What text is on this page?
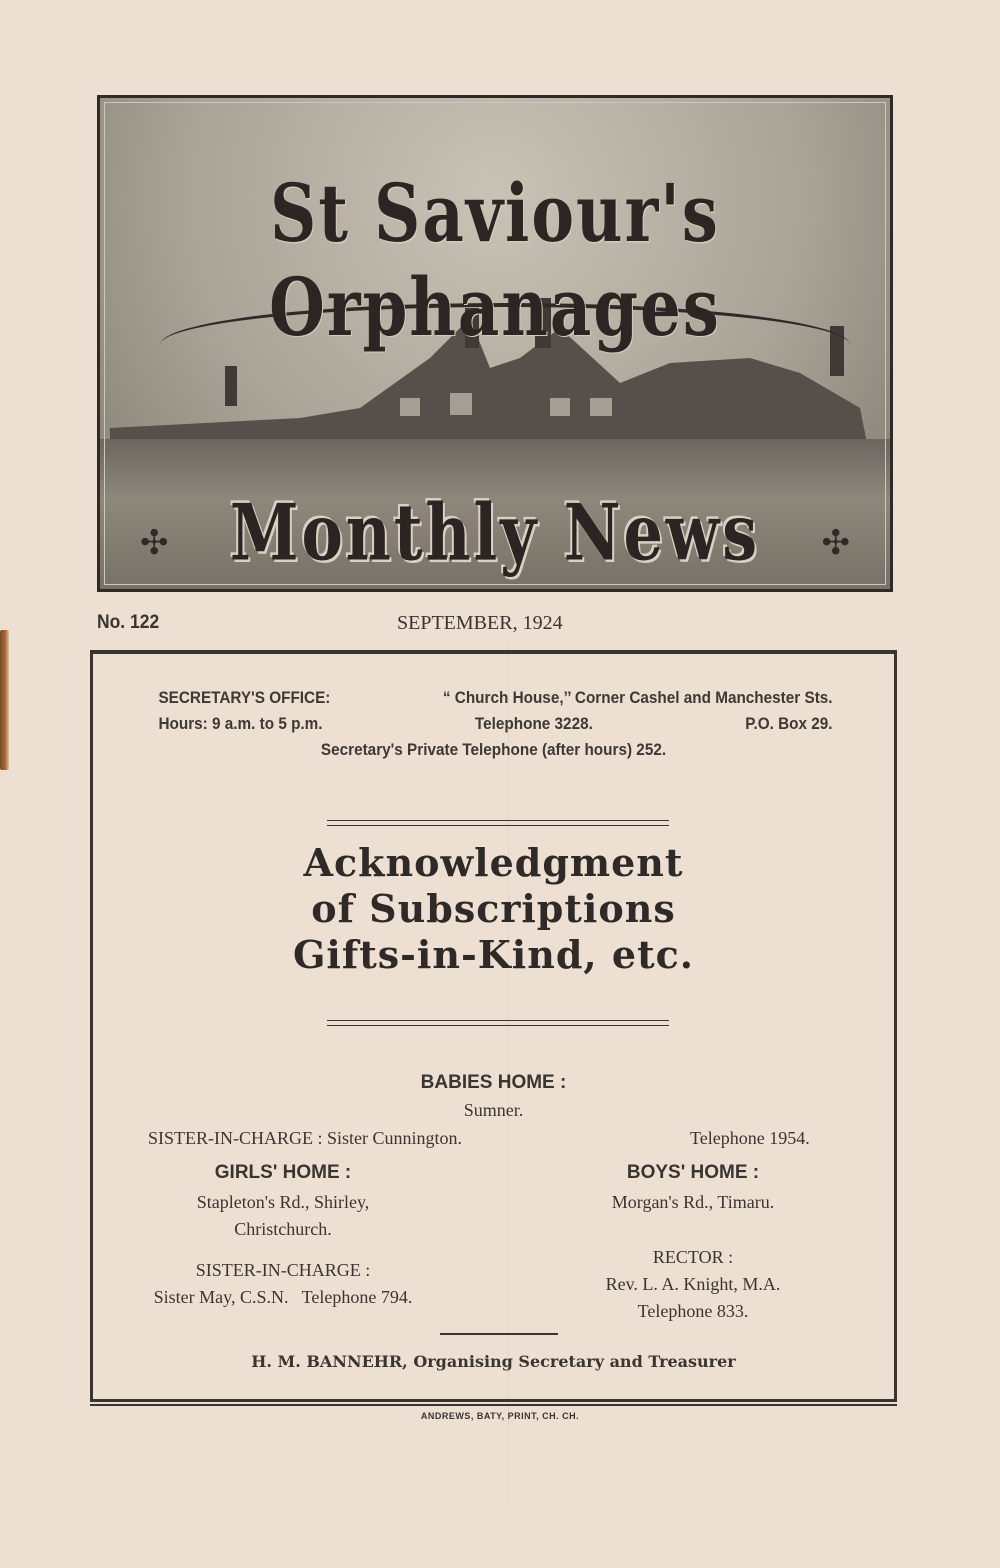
St Saviour's Orphanages
✣ Monthly News	✣
No. 122	SEPTEMBER, 1924
SECRETARY'S OFFICE:	“ Church House,’’ Corner Cashel and Manchester Sts.
Hours: 9 a.m. to 5 p.m.	Telephone 3228.	P.O. Box 29.
Secretary's Private Telephone (after hours) 252.
Acknowledgment
of Subscriptions
Gifts-in-Kind, etc.
BABIES HOME :
Sumner.
SISTER-IN-CHARGE : Sister Cunnington.	Telephone 1954.
GIRLS' HOME :
Stapleton's Rd., Shirley,
Christchurch.
SISTER-IN-CHARGE :
Sister May, C.S.N.   Telephone 794.
BOYS' HOME :
Morgan's Rd., Timaru.
RECTOR :
Rev. L. A. Knight, M.A.
Telephone 833.
H. M. BANNEHR, Organising Secretary and Treasurer
ANDREWS, BATY, PRINT, CH. CH.
